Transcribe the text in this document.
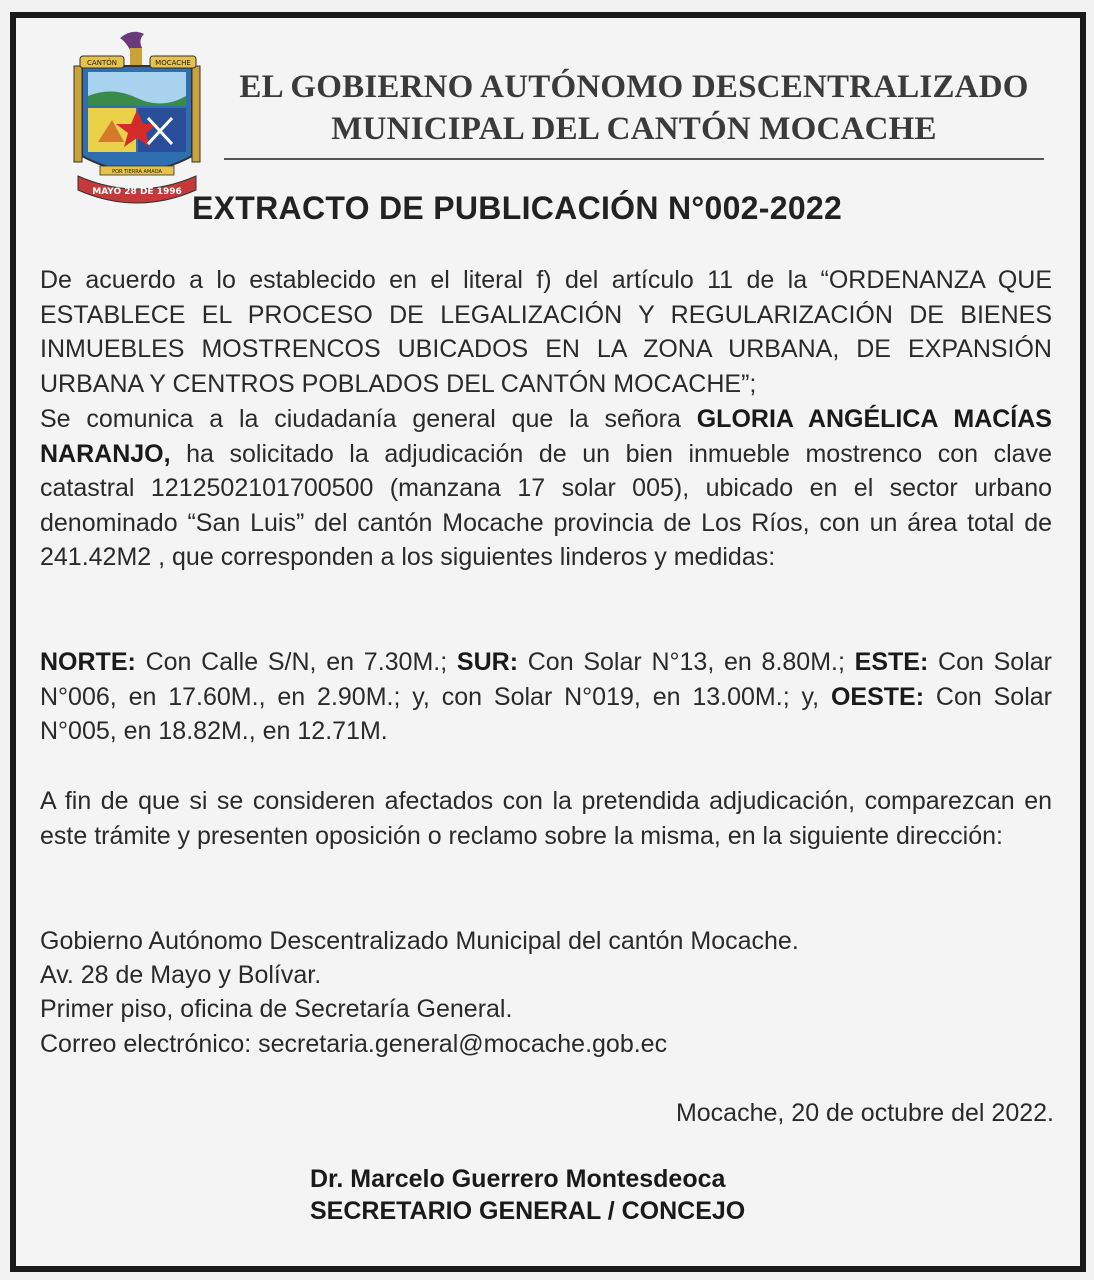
CANTÓN	MOCACHE
POR TIERRA AMADA
MAYO 28 DE 1996
EL GOBIERNO AUTÓNOMO DESCENTRALIZADO
MUNICIPAL DEL CANTÓN MOCACHE
EXTRACTO DE PUBLICACIÓN N°002-2022
De acuerdo a lo establecido en el literal f) del artículo 11 de la “ORDENANZA QUE ESTABLECE EL PROCESO DE LEGALIZACIÓN Y REGULARIZACIÓN DE BIENES INMUEBLES MOSTRENCOS UBICADOS EN LA ZONA URBANA, DE EXPANSIÓN URBANA Y CENTROS POBLADOS DEL CANTÓN MOCACHE”;
Se comunica a la ciudadanía general que la señora GLORIA ANGÉLICA MACÍAS NARANJO, ha solicitado la adjudicación de un bien inmueble mostrenco con clave catastral 1212502101700500 (manzana 17 solar 005), ubicado en el sector urbano denominado “San Luis” del cantón Mocache provincia de Los Ríos, con un área total de 241.42M2 , que corresponden a los siguientes linderos y medidas:
NORTE: Con Calle S/N, en 7.30M.; SUR: Con Solar N°13, en 8.80M.; ESTE: Con Solar N°006, en 17.60M., en 2.90M.; y, con Solar N°019, en 13.00M.; y, OESTE: Con Solar N°005, en 18.82M., en 12.71M.
A fin de que si se consideren afectados con la pretendida adjudicación, comparezcan en este trámite y presenten oposición o reclamo sobre la misma, en la siguiente dirección:
Gobierno Autónomo Descentralizado Municipal del cantón Mocache.
Av. 28 de Mayo y Bolívar.
Primer piso, oficina de Secretaría General.
Correo electrónico: secretaria.general@mocache.gob.ec
Mocache, 20 de octubre del 2022.
Dr. Marcelo Guerrero Montesdeoca
SECRETARIO GENERAL / CONCEJO
